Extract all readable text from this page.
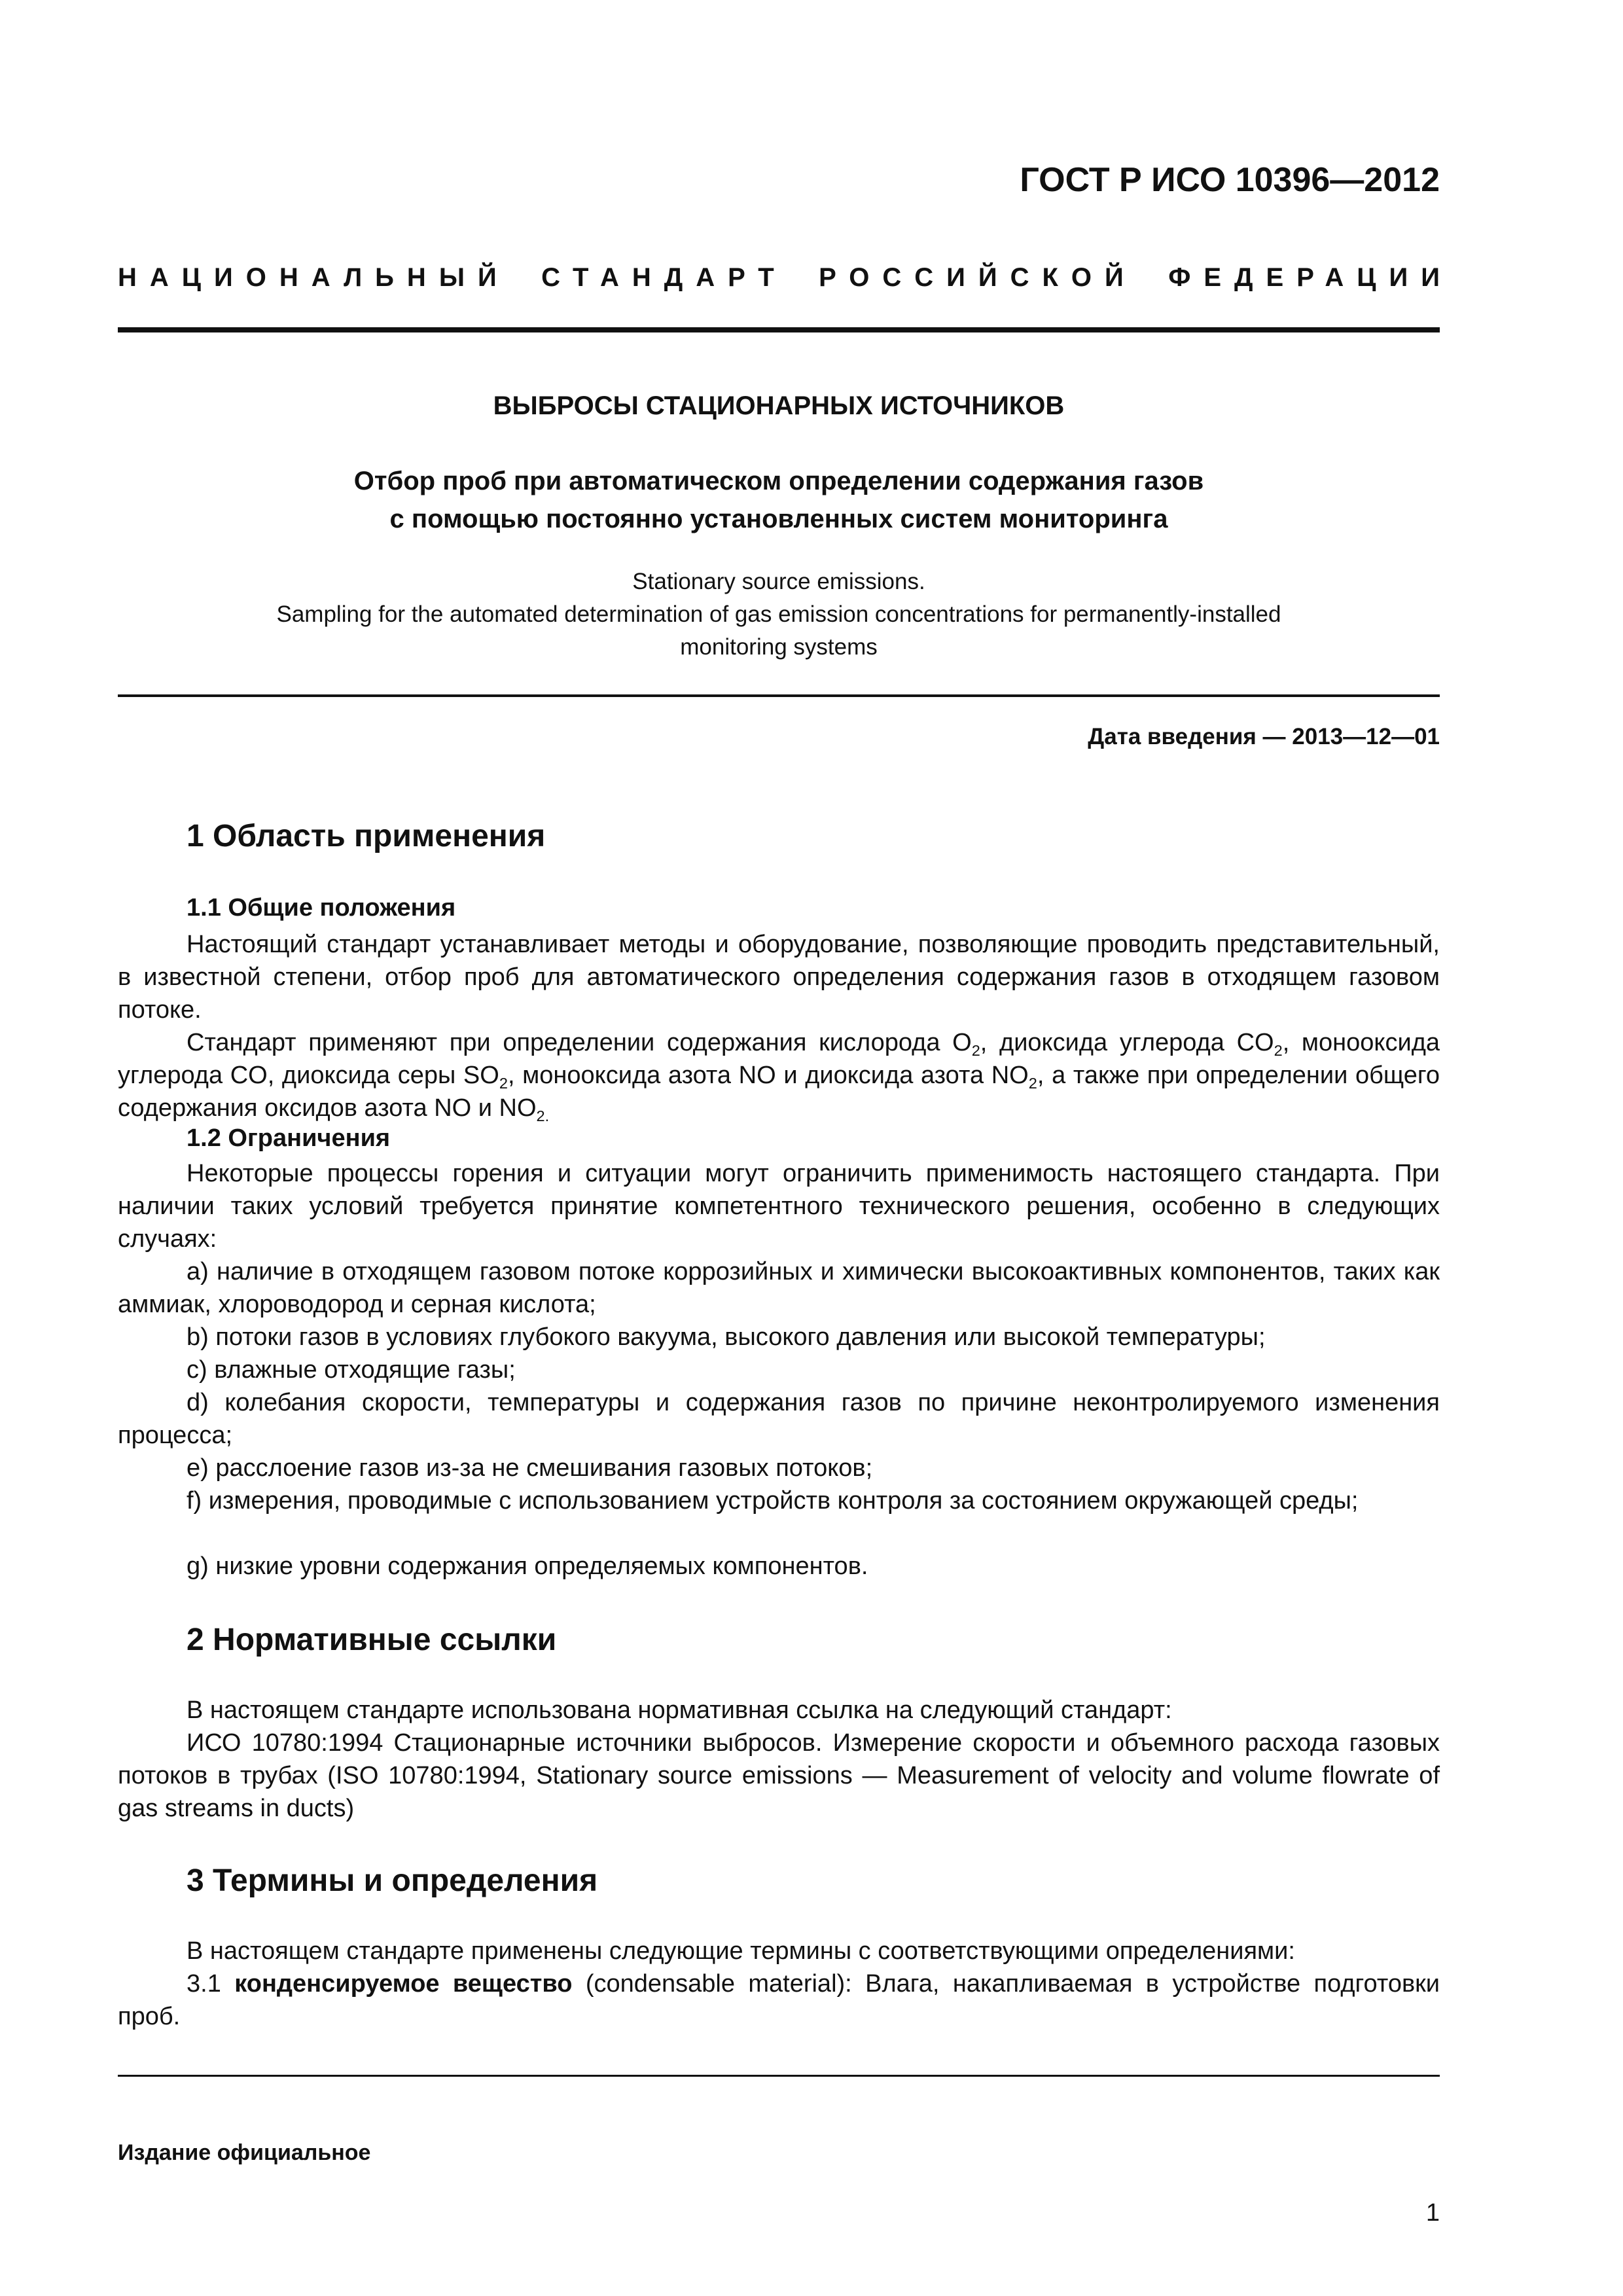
ГОСТ Р ИСО 10396—2012
НАЦИОНАЛЬНЫЙ СТАНДАРТ РОССИЙСКОЙ ФЕДЕРАЦИИ
ВЫБРОСЫ СТАЦИОНАРНЫХ ИСТОЧНИКОВ
Отбор проб при автоматическом определении содержания газов
с помощью постоянно установленных систем мониторинга
Stationary source emissions.
Sampling for the automated determination of gas emission concentrations for permanently-installed
monitoring systems
Дата введения — 2013—12—01
1 Область применения
1.1 Общие положения

Настоящий стандарт устанавливает методы и оборудование, позволяющие проводить представительный, в известной степени, отбор проб для автоматического определения содержания газов в отходящем газовом потоке.

Стандарт применяют при определении содержания кислорода $O_2$, диоксида углерода $CO_2$, монооксида углерода CO, диоксида серы $SO_2$, монооксида азота NO и диоксида азота $NO_2$, а также при определении общего содержания оксидов азота NO и $NO_{2.}$

1.2 Ограничения

Некоторые процессы горения и ситуации могут ограничить применимость настоящего стандарта. При наличии таких условий требуется принятие компетентного технического решения, особенно в следующих случаях:

a) наличие в отходящем газовом потоке коррозийных и химически высокоактивных компонентов, таких как аммиак, хлороводород и серная кислота;

b) потоки газов в условиях глубокого вакуума, высокого давления или высокой температуры;

c) влажные отходящие газы;

d) колебания скорости, температуры и содержания газов по причине неконтролируемого изменения процесса;

e) расслоение газов из-за не смешивания газовых потоков;

f) измерения, проводимые с использованием устройств контроля за состоянием окружающей среды;

g) низкие уровни содержания определяемых компонентов.

2 Нормативные ссылки

В настоящем стандарте использована нормативная ссылка на следующий стандарт:

ИСО 10780:1994 Стационарные источники выбросов. Измерение скорости и объемного расхода газовых потоков в трубах (ISO 10780:1994, Stationary source emissions — Measurement of velocity and volume flowrate of gas streams in ducts)

3 Термины и определения

В настоящем стандарте применены следующие термины с соответствующими определениями:

3.1 конденсируемое вещество (condensable material): Влага, накапливаемая в устройстве подготовки проб.

Издание официальное
1
